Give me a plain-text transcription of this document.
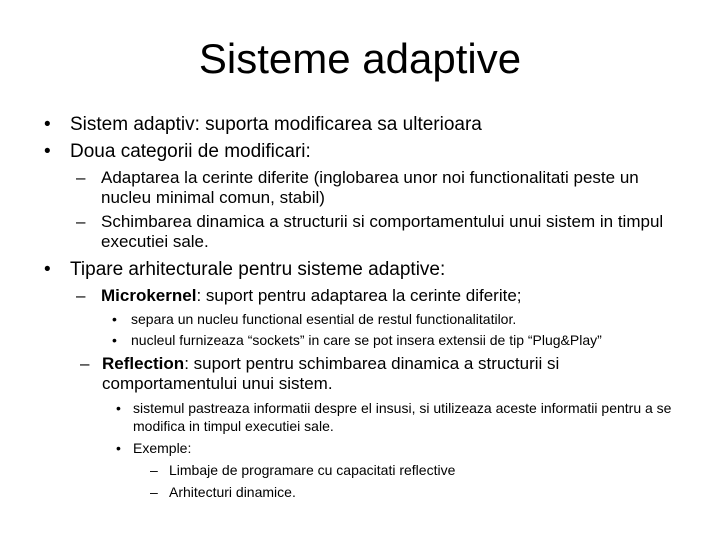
Sisteme adaptive
• Sistem adaptiv: suporta modificarea sa ulterioara
• Doua categorii de modificari:
– Adaptarea la cerinte diferite (inglobarea unor noi functionalitati peste un nucleu minimal comun, stabil)
– Schimbarea dinamica a structurii si comportamentului unui sistem in timpul executiei sale.
• Tipare arhitecturale pentru sisteme adaptive:
– Microkernel: suport pentru adaptarea la cerinte diferite;
• separa un nucleu functional esential de restul functionalitatilor.
• nucleul furnizeaza “sockets” in care se pot insera extensii de tip “Plug&Play”
– Reflection: suport pentru schimbarea dinamica a structurii si comportamentului unui sistem.
• sistemul pastreaza informatii despre el insusi, si utilizeaza aceste informatii pentru a se modifica in timpul executiei sale.
• Exemple:
– Limbaje de programare cu capacitati reflective
– Arhitecturi dinamice.
